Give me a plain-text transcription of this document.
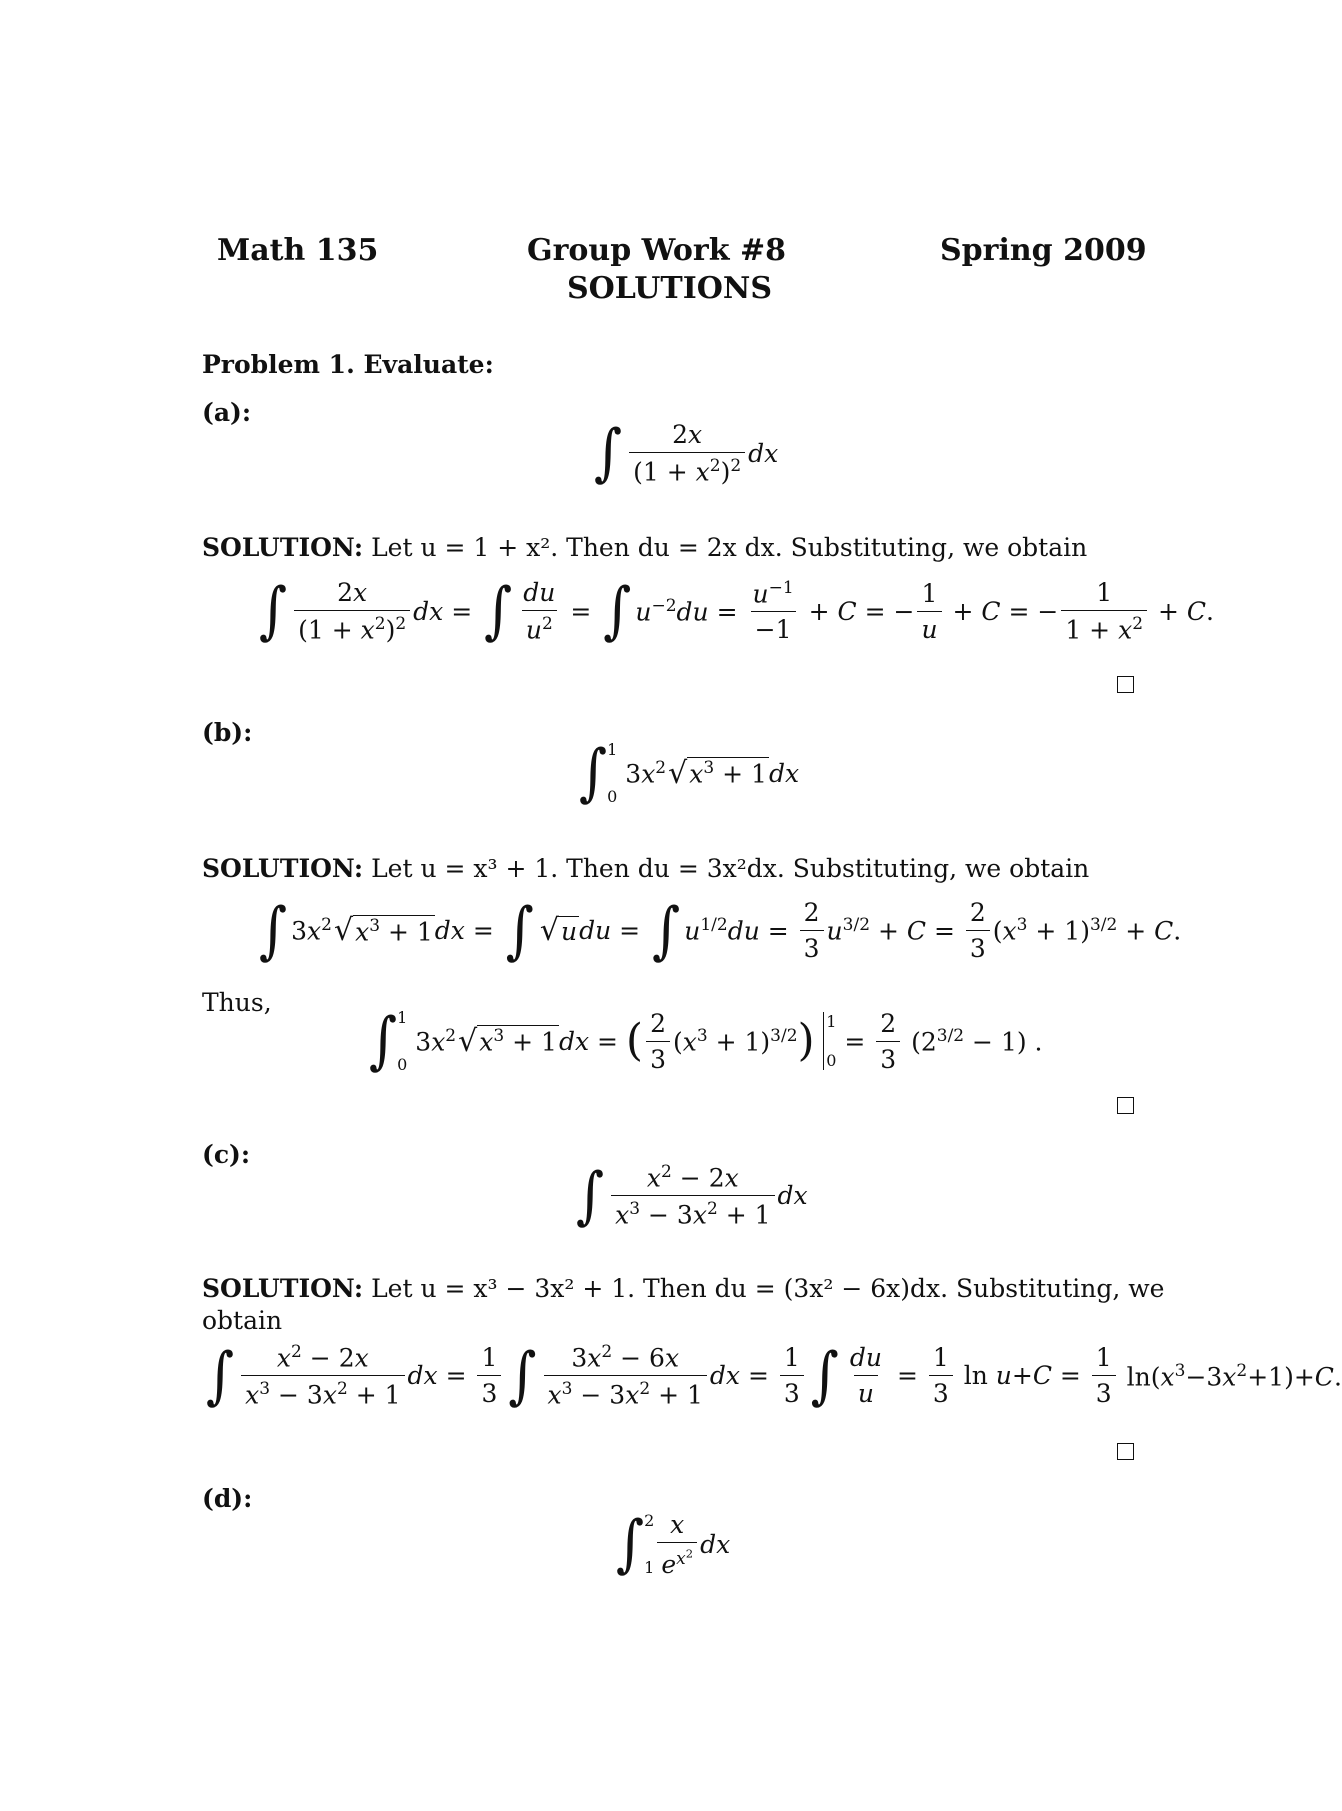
Math 135	Group Work #8
SOLUTIONS
Spring 2009
Problem 1. Evaluate:
(a):
∫ $\frac{2x}{(1 + x^2)^2}$ dx
SOLUTION: Let u = 1 + x². Then du = 2x dx. Substituting, we obtain
∫ $\frac{2x}{(1 + x^2)^2}$ dx = ∫ $\frac{du}{u^2}$ = ∫ $u^{-2}du = \frac{u^{-1}}{-1} + C$ = − $\frac{1}{u} + C$ = − $\frac{1}{1 + x^2} + C$.
(b):
∫ 1
0
$3x^2$ √ $x^3 + 1$ dx
SOLUTION: Let u = x³ + 1. Then du = 3x²dx. Substituting, we obtain
∫ $3x^2$ √ $x^3 + 1$ dx = ∫ √ u du = ∫ $u^{1/2}du = \frac{2}{3} u^{3/2} + C = \frac{2}{3} (x^3 + 1)^{3/2} + C$.
Thus,
∫ 1
0
$3x^2$ √ $x^3 + 1$ dx = ( $\frac{2}{3} (x^3 + 1)^{3/2}$ ) 1
0
= $\frac{2}{3} (2^{3/2} - 1)$ .
(c):
∫ $\frac{x^2 - 2x}{x^3 - 3x^2 + 1}$ dx
SOLUTION: Let u = x³ − 3x² + 1. Then du = (3x² − 6x)dx. Substituting, we
obtain
∫ $\frac{x^2 - 2x}{x^3 - 3x^2 + 1}$ dx = $\frac{1}{3}$ ∫ $\frac{3x^2 - 6x}{x^3 - 3x^2 + 1}$ dx = $\frac{1}{3}$ ∫ $\frac{du}{u} = \frac{1}{3}$ $\ln u+C = \frac{1}{3} \ln(x^3-3x^2+1)+C$.
(d):
∫ 2
$1 \frac{x}{e^{x^2}}$ dx
